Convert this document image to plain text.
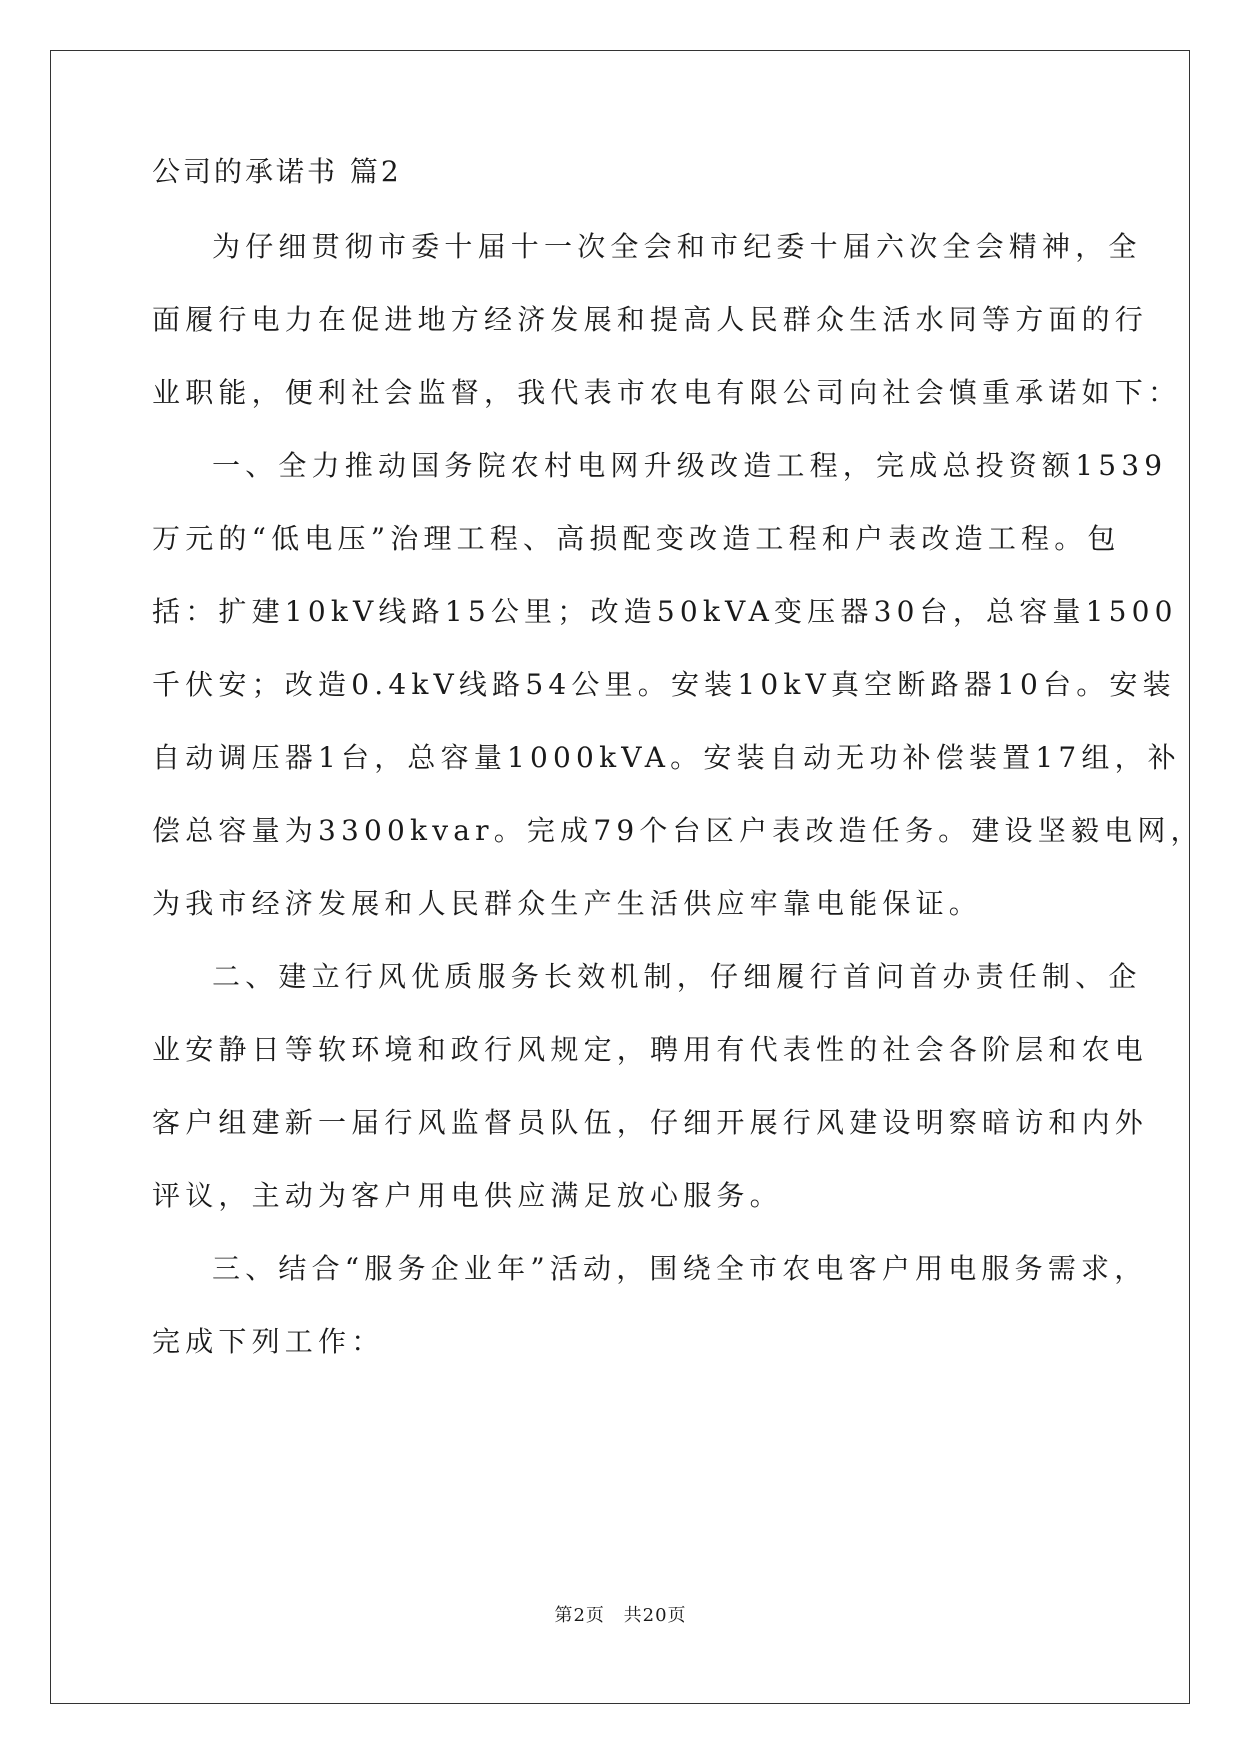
公司的承诺书 篇2
为仔细贯彻市委十届十一次全会和市纪委十届六次全会精神，全
面履行电力在促进地方经济发展和提高人民群众生活水同等方面的行
业职能，便利社会监督，我代表市农电有限公司向社会慎重承诺如下：
一、全力推动国务院农村电网升级改造工程，完成总投资额1539
万元的“低电压”治理工程、高损配变改造工程和户表改造工程。包
括：扩建10kV线路15公里；改造50kVA变压器30台，总容量1500
千伏安；改造0.4kV线路54公里。安装10kV真空断路器10台。安装
自动调压器1台，总容量1000kVA。安装自动无功补偿装置17组，补
偿总容量为3300kvar。完成79个台区户表改造任务。建设坚毅电网，
为我市经济发展和人民群众生产生活供应牢靠电能保证。
二、建立行风优质服务长效机制，仔细履行首问首办责任制、企
业安静日等软环境和政行风规定，聘用有代表性的社会各阶层和农电
客户组建新一届行风监督员队伍，仔细开展行风建设明察暗访和内外
评议，主动为客户用电供应满足放心服务。
三、结合“服务企业年”活动，围绕全市农电客户用电服务需求，
完成下列工作：
第2页 共20页
